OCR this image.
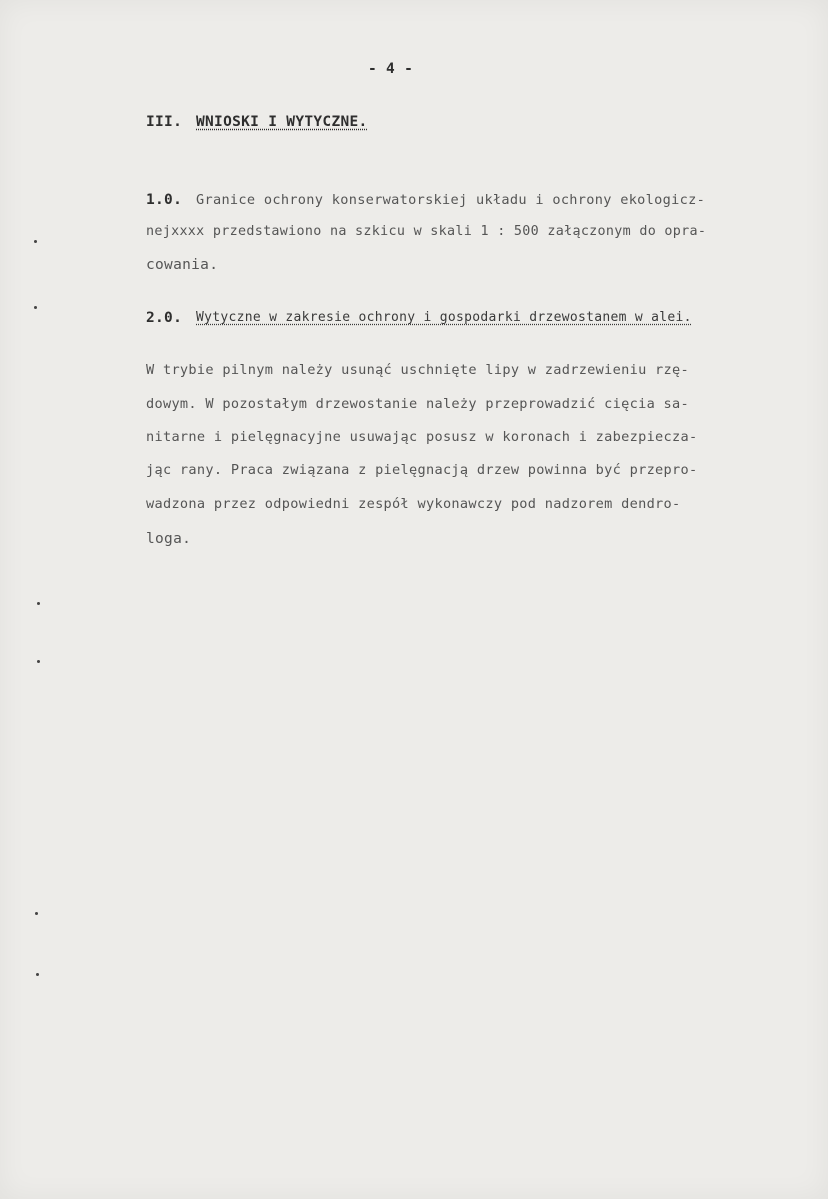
- 4 -
III. WNIOSKI I WYTYCZNE.
1.0. Granice ochrony konserwatorskiej układu i ochrony ekologicz-
nejxxxx przedstawiono na szkicu w skali 1 : 500 załączonym do opra-
cowania.
2.0. Wytyczne w zakresie ochrony i gospodarki drzewostanem w alei.
W trybie pilnym należy usunąć uschnięte lipy w zadrzewieniu rzę-
dowym. W pozostałym drzewostanie należy przeprowadzić cięcia sa-
nitarne i pielęgnacyjne usuwając posusz w koronach i zabezpiecza-
jąc rany. Praca związana z pielęgnacją drzew powinna być przepro-
wadzona przez odpowiedni zespół wykonawczy pod nadzorem dendro-
loga.
